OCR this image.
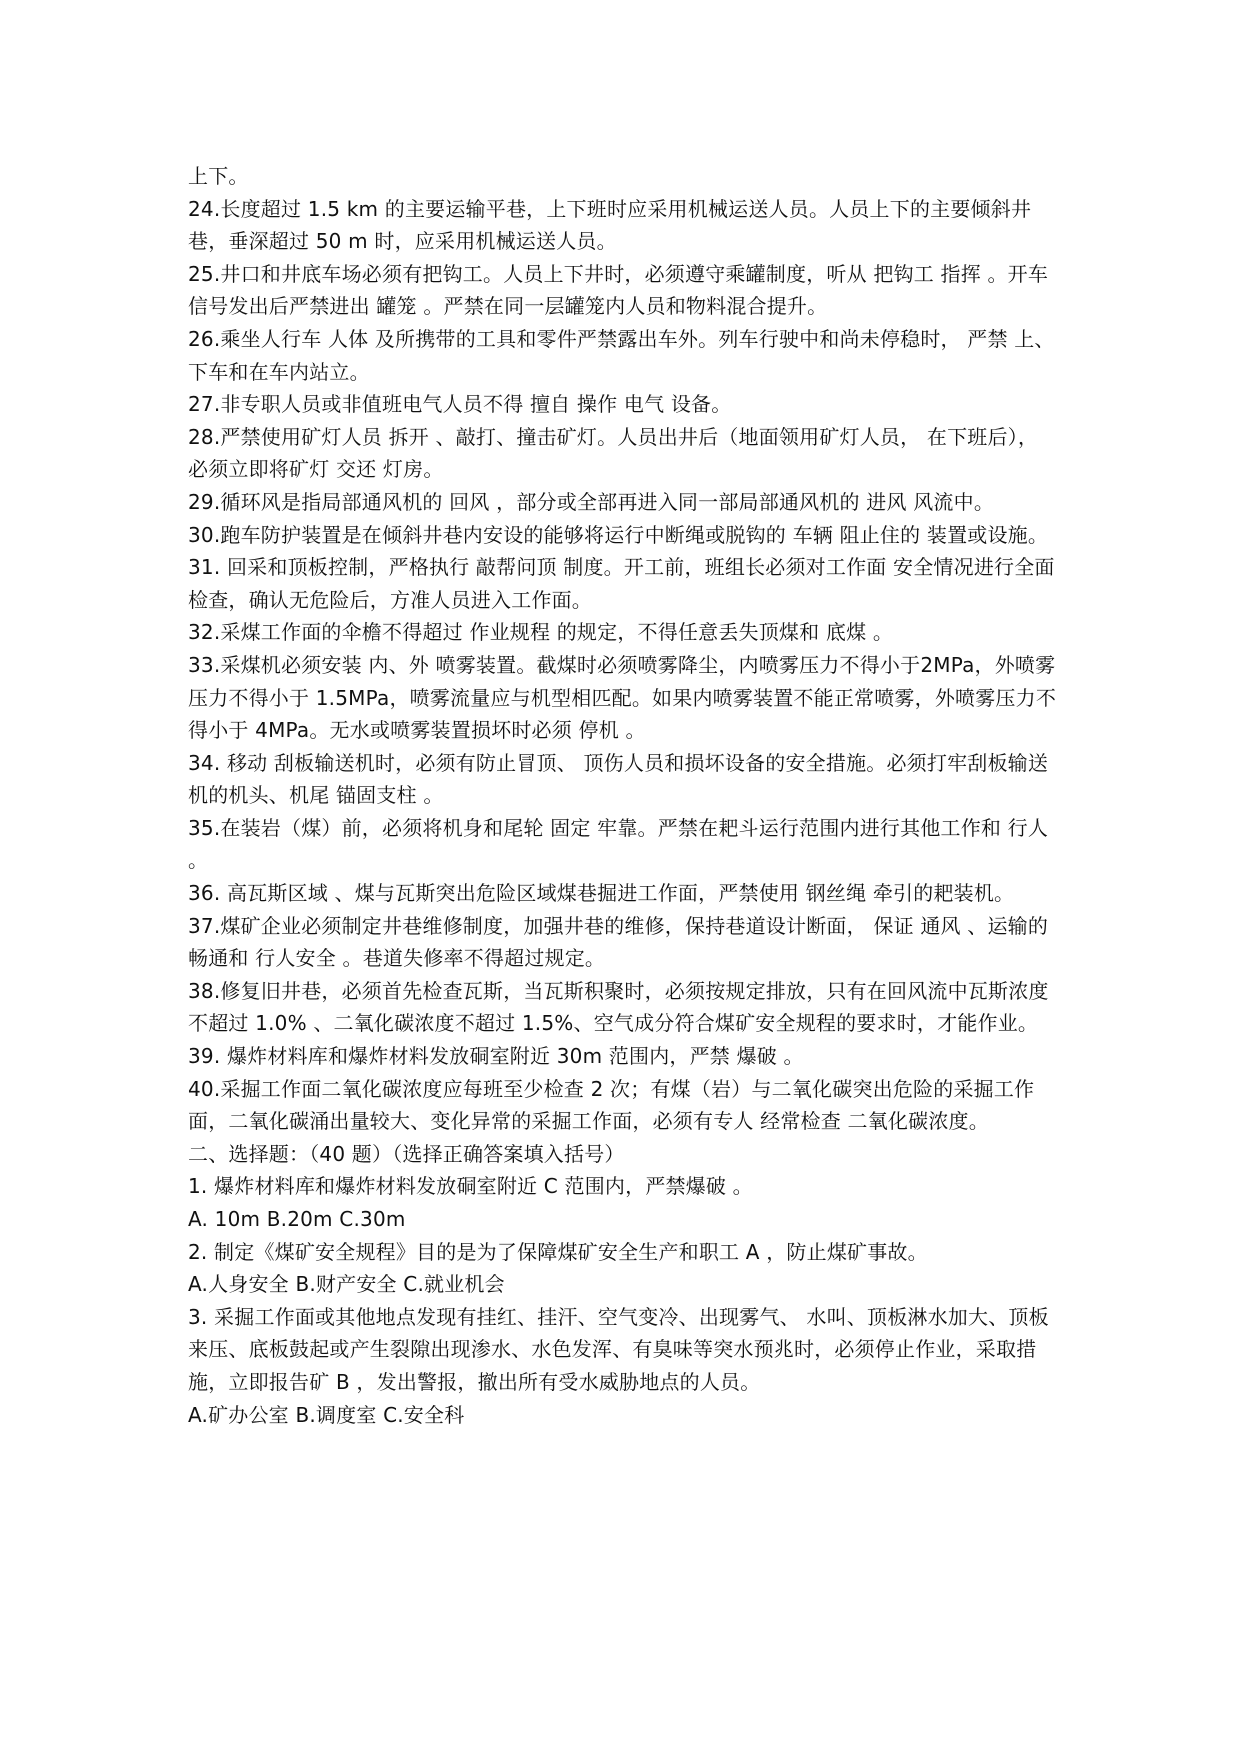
上下。

24.长度超过 1.5 km 的主要运输平巷，上下班时应采用机械运送人员。人员上下的主要倾斜井巷，垂深超过 50 m 时，应采用机械运送人员。

25.井口和井底车场必须有把钩工。人员上下井时，必须遵守乘罐制度，听从 把钩工 指挥 。开车信号发出后严禁进出 罐笼 。严禁在同一层罐笼内人员和物料混合提升。

26.乘坐人行车 人体 及所携带的工具和零件严禁露出车外。列车行驶中和尚未停稳时， 严禁 上、下车和在车内站立。

27.非专职人员或非值班电气人员不得 擅自 操作 电气 设备。

28.严禁使用矿灯人员 拆开 、敲打、撞击矿灯。人员出井后（地面领用矿灯人员， 在下班后），必须立即将矿灯 交还 灯房。

29.循环风是指局部通风机的 回风 ，部分或全部再进入同一部局部通风机的 进风 风流中。

30.跑车防护装置是在倾斜井巷内安设的能够将运行中断绳或脱钩的 车辆 阻止住的 装置或设施。

31. 回采和顶板控制，严格执行 敲帮问顶 制度。开工前，班组长必须对工作面 安全情况进行全面检查，确认无危险后，方准人员进入工作面。

32.采煤工作面的伞檐不得超过 作业规程 的规定，不得任意丢失顶煤和 底煤 。

33.采煤机必须安装 内、外 喷雾装置。截煤时必须喷雾降尘，内喷雾压力不得小于2MPa，外喷雾压力不得小于 1.5MPa，喷雾流量应与机型相匹配。如果内喷雾装置不能正常喷雾，外喷雾压力不得小于 4MPa。无水或喷雾装置损坏时必须 停机 。

34. 移动 刮板输送机时，必须有防止冒顶、 顶伤人员和损坏设备的安全措施。必须打牢刮板输送机的机头、机尾 锚固支柱 。

35.在装岩（煤）前，必须将机身和尾轮 固定 牢靠。严禁在耙斗运行范围内进行其他工作和 行人 。

36. 高瓦斯区域 、煤与瓦斯突出危险区域煤巷掘进工作面，严禁使用 钢丝绳 牵引的耙装机。

37.煤矿企业必须制定井巷维修制度，加强井巷的维修，保持巷道设计断面， 保证 通风 、运输的畅通和 行人安全 。巷道失修率不得超过规定。

38.修复旧井巷，必须首先检查瓦斯，当瓦斯积聚时，必须按规定排放，只有在回风流中瓦斯浓度不超过 1.0% 、二氧化碳浓度不超过 1.5%、空气成分符合煤矿安全规程的要求时，才能作业。

39. 爆炸材料库和爆炸材料发放硐室附近 30m 范围内，严禁 爆破 。

40.采掘工作面二氧化碳浓度应每班至少检查 2 次；有煤（岩）与二氧化碳突出危险的采掘工作面，二氧化碳涌出量较大、变化异常的采掘工作面，必须有专人 经常检查 二氧化碳浓度。

二、选择题：（40 题）（选择正确答案填入括号）

1. 爆炸材料库和爆炸材料发放硐室附近 C 范围内，严禁爆破 。

A. 10m B.20m C.30m

2. 制定《煤矿安全规程》目的是为了保障煤矿安全生产和职工 A ，防止煤矿事故。

A.人身安全 B.财产安全 C.就业机会

3. 采掘工作面或其他地点发现有挂红、挂汗、空气变冷、出现雾气、 水叫、顶板淋水加大、顶板来压、底板鼓起或产生裂隙出现渗水、水色发浑、有臭味等突水预兆时，必须停止作业，采取措施，立即报告矿 B ，发出警报，撤出所有受水威胁地点的人员。

A.矿办公室 B.调度室 C.安全科
